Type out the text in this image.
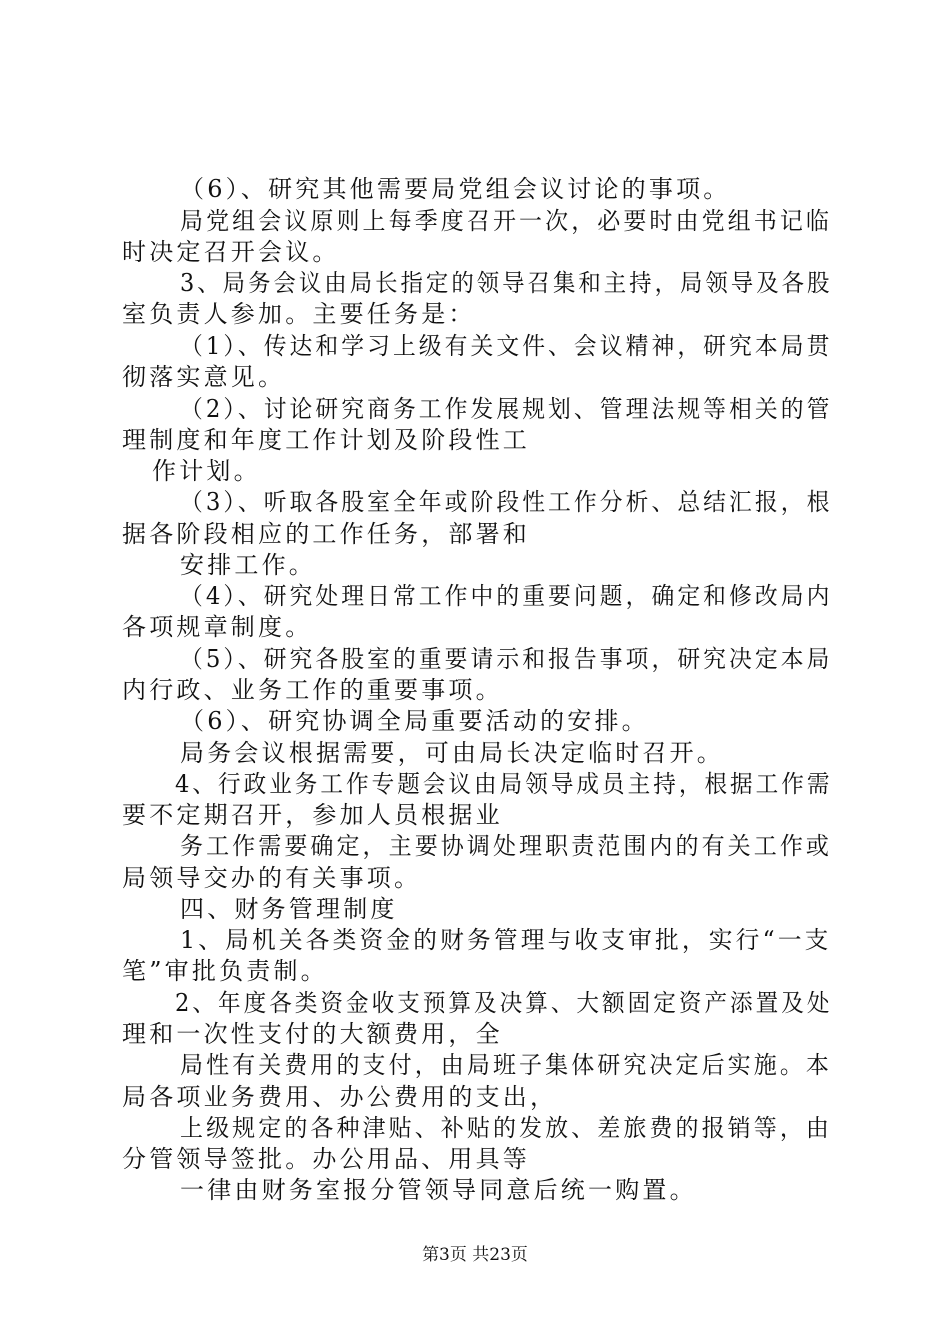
（6）、研究其他需要局党组会议讨论的事项。
局党组会议原则上每季度召开一次，必要时由党组书记临
时决定召开会议。
3、局务会议由局长指定的领导召集和主持，局领导及各股
室负责人参加。主要任务是：
（1）、传达和学习上级有关文件、会议精神，研究本局贯
彻落实意见。
（2）、讨论研究商务工作发展规划、管理法规等相关的管
理制度和年度工作计划及阶段性工
作计划。
（3）、听取各股室全年或阶段性工作分析、总结汇报，根
据各阶段相应的工作任务，部署和
安排工作。
（4）、研究处理日常工作中的重要问题，确定和修改局内
各项规章制度。
（5）、研究各股室的重要请示和报告事项，研究决定本局
内行政、业务工作的重要事项。
（6）、研究协调全局重要活动的安排。
局务会议根据需要，可由局长决定临时召开。
4、行政业务工作专题会议由局领导成员主持，根据工作需
要不定期召开，参加人员根据业
务工作需要确定，主要协调处理职责范围内的有关工作或
局领导交办的有关事项。
四、财务管理制度
1、局机关各类资金的财务管理与收支审批，实行“一支
笔”审批负责制。
2、年度各类资金收支预算及决算、大额固定资产添置及处
理和一次性支付的大额费用，全
局性有关费用的支付，由局班子集体研究决定后实施。本
局各项业务费用、办公费用的支出，
上级规定的各种津贴、补贴的发放、差旅费的报销等，由
分管领导签批。办公用品、用具等
一律由财务室报分管领导同意后统一购置。
第3页 共23页
